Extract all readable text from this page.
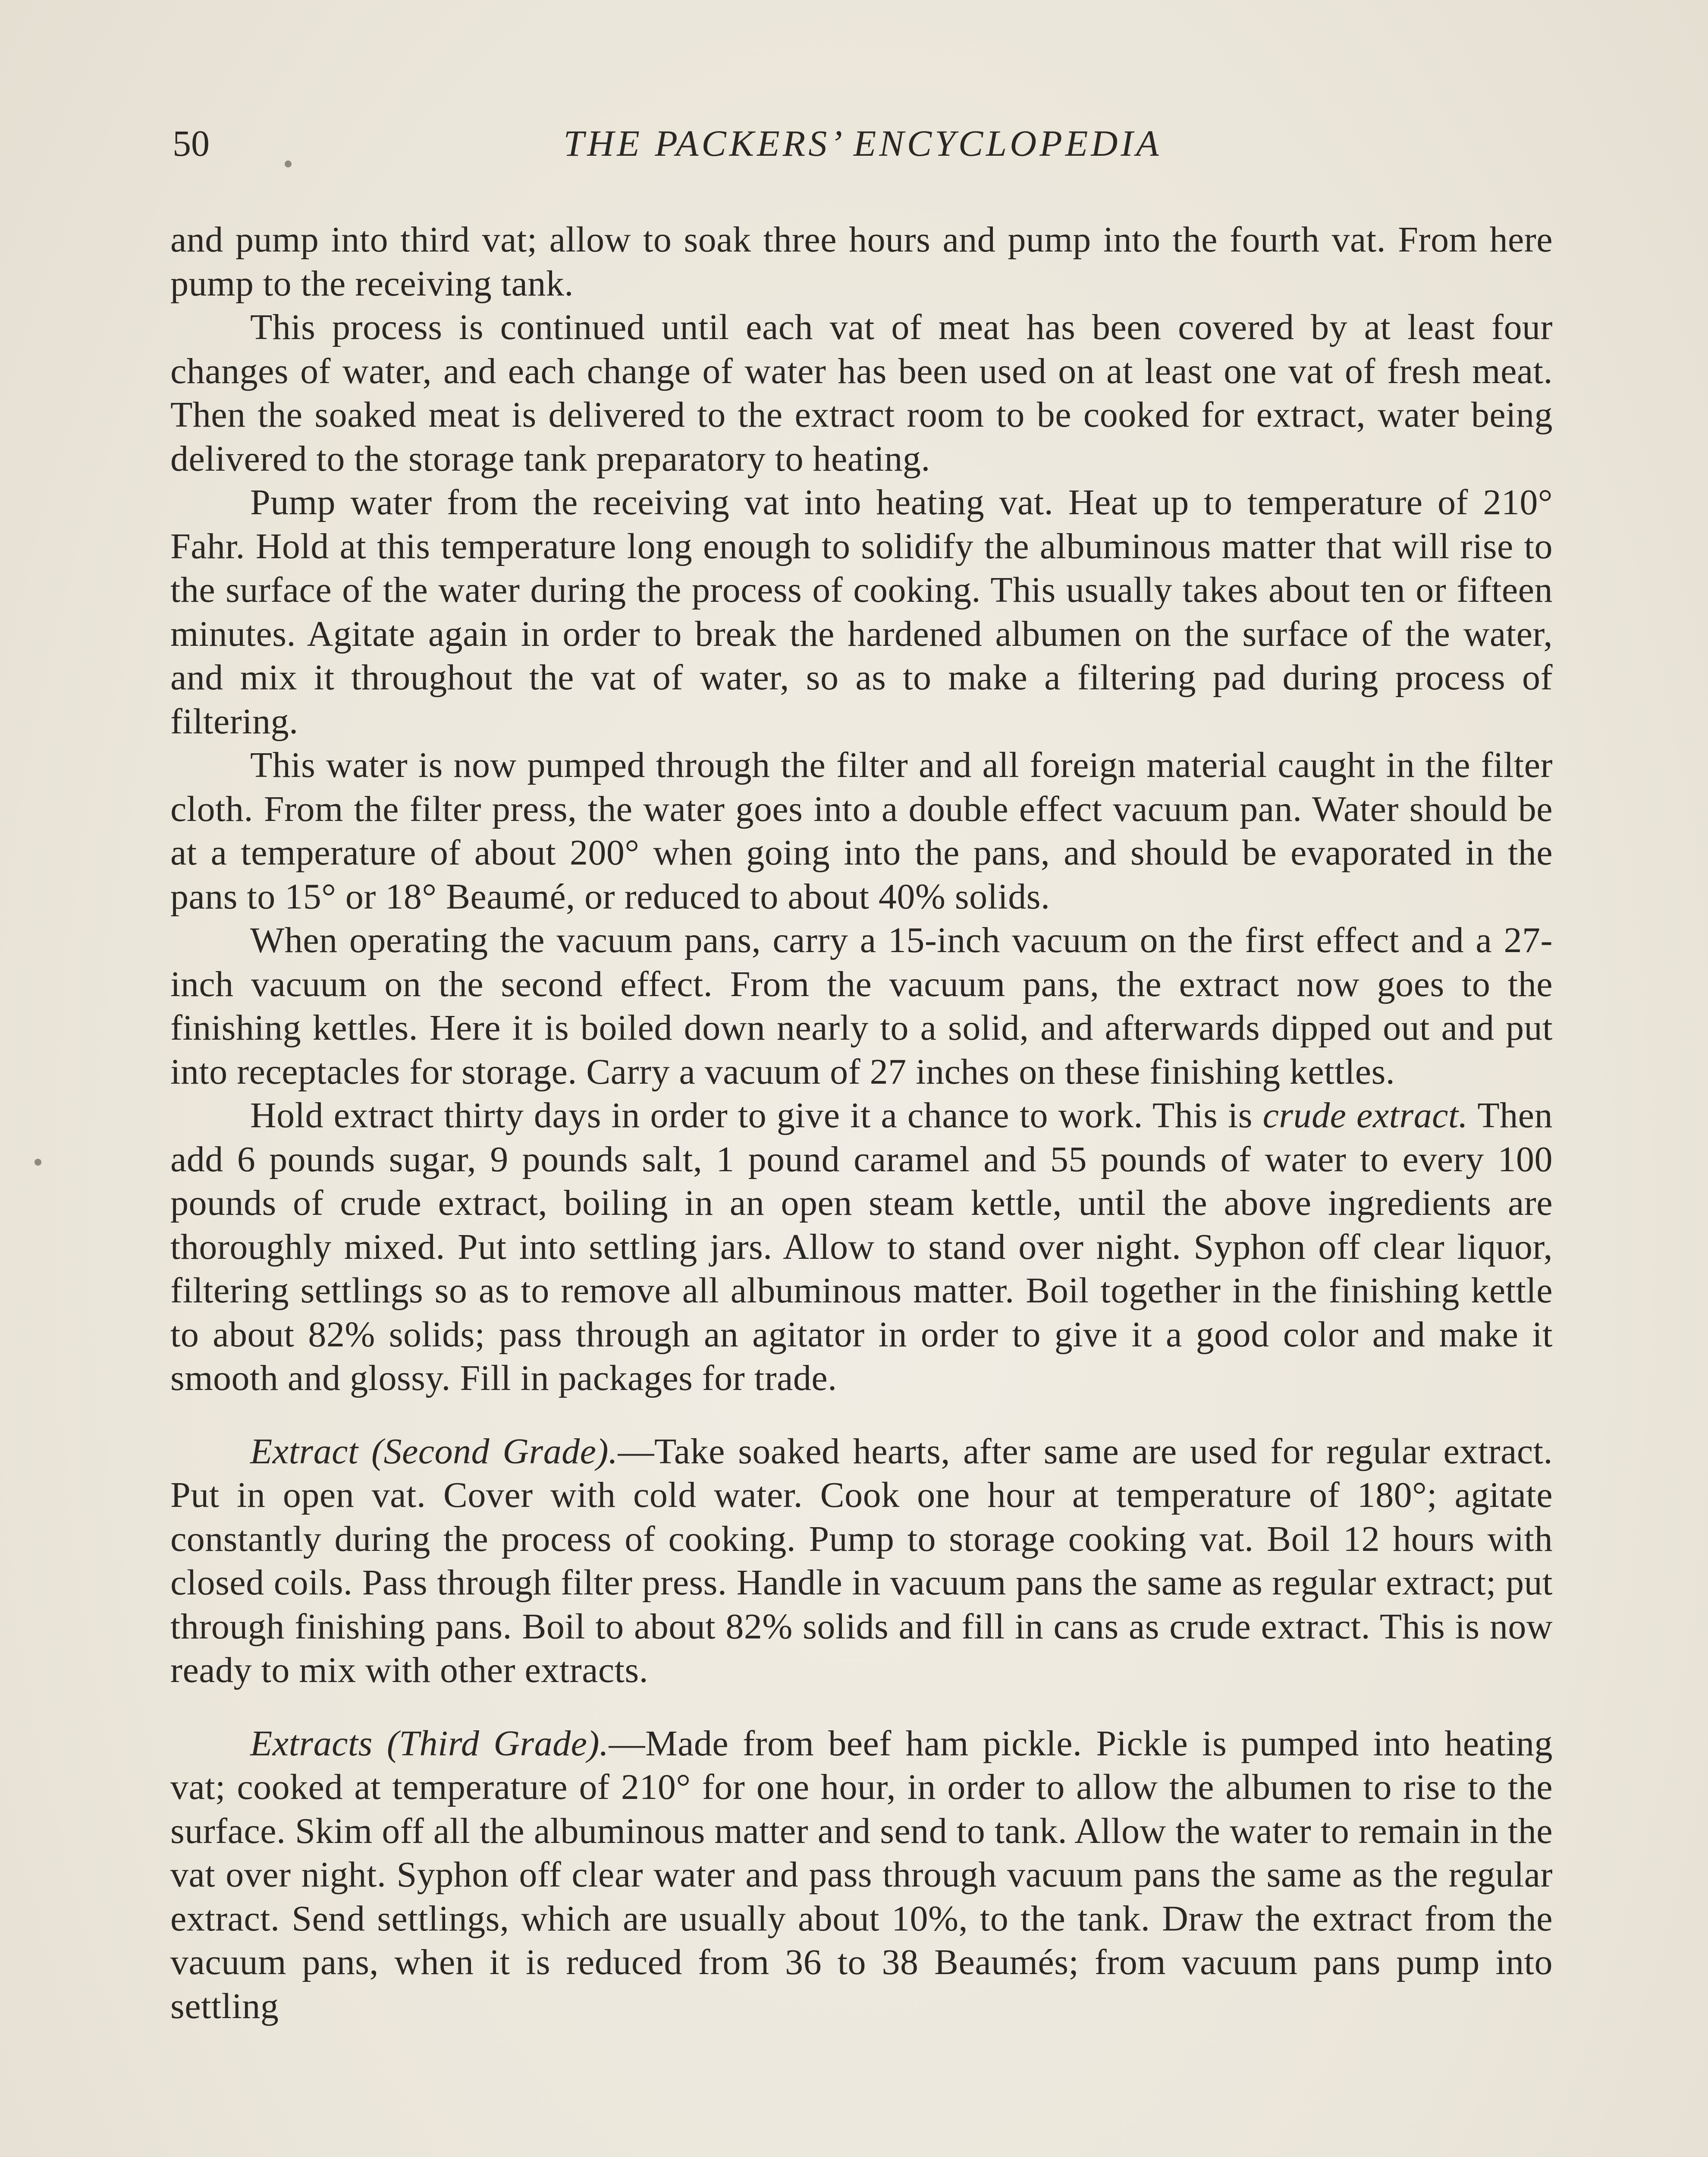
50	THE PACKERS’ ENCYCLOPEDIA

and pump into third vat; allow to soak three hours and pump into the fourth vat. From here pump to the receiving tank.

This process is continued until each vat of meat has been covered by at least four changes of water, and each change of water has been used on at least one vat of fresh meat. Then the soaked meat is delivered to the extract room to be cooked for extract, water being delivered to the storage tank preparatory to heating.

Pump water from the receiving vat into heating vat. Heat up to temperature of 210° Fahr. Hold at this temperature long enough to solidify the albuminous matter that will rise to the surface of the water during the process of cooking. This usually takes about ten or fifteen minutes. Agitate again in order to break the hardened albumen on the surface of the water, and mix it throughout the vat of water, so as to make a filtering pad during process of filtering.

This water is now pumped through the filter and all foreign material caught in the filter cloth. From the filter press, the water goes into a double effect vacuum pan. Water should be at a temperature of about 200° when going into the pans, and should be evaporated in the pans to 15° or 18° Beaumé, or reduced to about 40% solids.

When operating the vacuum pans, carry a 15-inch vacuum on the first effect and a 27-inch vacuum on the second effect. From the vacuum pans, the extract now goes to the finishing kettles. Here it is boiled down nearly to a solid, and afterwards dipped out and put into receptacles for storage. Carry a vacuum of 27 inches on these finishing kettles.

Hold extract thirty days in order to give it a chance to work. This is crude extract. Then add 6 pounds sugar, 9 pounds salt, 1 pound caramel and 55 pounds of water to every 100 pounds of crude extract, boiling in an open steam kettle, until the above ingredients are thoroughly mixed. Put into settling jars. Allow to stand over night. Syphon off clear liquor, filtering settlings so as to remove all albuminous matter. Boil together in the finishing kettle to about 82% solids; pass through an agitator in order to give it a good color and make it smooth and glossy. Fill in packages for trade.

Extract (Second Grade).—Take soaked hearts, after same are used for regular extract. Put in open vat. Cover with cold water. Cook one hour at temperature of 180°; agitate constantly during the process of cooking. Pump to storage cooking vat. Boil 12 hours with closed coils. Pass through filter press. Handle in vacuum pans the same as regular extract; put through finishing pans. Boil to about 82% solids and fill in cans as crude extract. This is now ready to mix with other extracts.

Extracts (Third Grade).—Made from beef ham pickle. Pickle is pumped into heating vat; cooked at temperature of 210° for one hour, in order to allow the albumen to rise to the surface. Skim off all the albuminous matter and send to tank. Allow the water to remain in the vat over night. Syphon off clear water and pass through vacuum pans the same as the regular extract. Send settlings, which are usually about 10%, to the tank. Draw the extract from the vacuum pans, when it is reduced from 36 to 38 Beaumés; from vacuum pans pump into settling
